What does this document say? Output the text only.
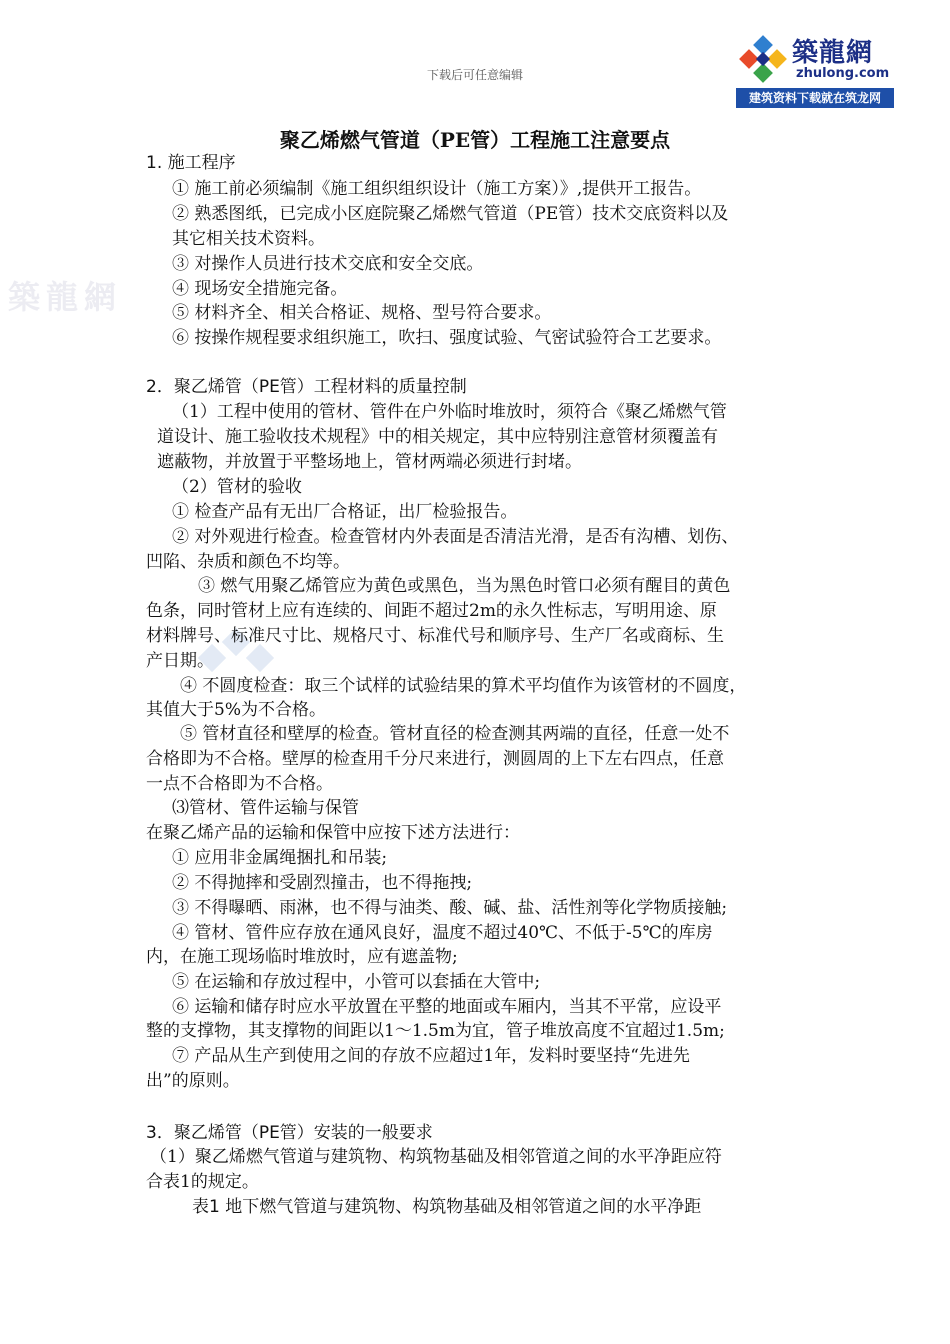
下载后可任意编辑
築龍網
zhulong.com
建筑资料下载就在筑龙网
築龍網
聚乙烯燃气管道（PE管）工程施工注意要点
1. 施工程序
① 施工前必须编制《施工组织组织设计（施工方案）》,提供开工报告。
② 熟悉图纸，已完成小区庭院聚乙烯燃气管道（PE管）技术交底资料以及
其它相关技术资料。
③ 对操作人员进行技术交底和安全交底。
④ 现场安全措施完备。
⑤ 材料齐全、相关合格证、规格、型号符合要求。
⑥ 按操作规程要求组织施工，吹扫、强度试验、气密试验符合工艺要求。
2．聚乙烯管（PE管）工程材料的质量控制
（1）工程中使用的管材、管件在户外临时堆放时，须符合《聚乙烯燃气管
道设计、施工验收技术规程》中的相关规定，其中应特别注意管材须覆盖有
遮蔽物，并放置于平整场地上，管材两端必须进行封堵。
（2）管材的验收
① 检查产品有无出厂合格证，出厂检验报告。
② 对外观进行检查。检查管材内外表面是否清洁光滑，是否有沟槽、划伤、
凹陷、杂质和颜色不均等。
③ 燃气用聚乙烯管应为黄色或黑色，当为黑色时管口必须有醒目的黄色
色条，同时管材上应有连续的、间距不超过2m的永久性标志，写明用途、原
材料牌号、标准尺寸比、规格尺寸、标准代号和顺序号、生产厂名或商标、生
产日期。
④ 不圆度检查：取三个试样的试验结果的算术平均值作为该管材的不圆度，
其值大于5%为不合格。
⑤ 管材直径和壁厚的检查。管材直径的检查测其两端的直径，任意一处不
合格即为不合格。壁厚的检查用千分尺来进行，测圆周的上下左右四点，任意
一点不合格即为不合格。
⑶管材、管件运输与保管
在聚乙烯产品的运输和保管中应按下述方法进行：
① 应用非金属绳捆扎和吊装;
② 不得抛摔和受剧烈撞击，也不得拖拽;
③ 不得曝晒、雨淋，也不得与油类、酸、碱、盐、活性剂等化学物质接触;
④ 管材、管件应存放在通风良好，温度不超过40℃、不低于-5℃的库房
内，在施工现场临时堆放时，应有遮盖物;
⑤ 在运输和存放过程中，小管可以套插在大管中;
⑥ 运输和储存时应水平放置在平整的地面或车厢内，当其不平常，应设平
整的支撑物，其支撑物的间距以1～1.5m为宜，管子堆放高度不宜超过1.5m;
⑦ 产品从生产到使用之间的存放不应超过1年，发料时要坚持“先进先
出”的原则。
3．聚乙烯管（PE管）安装的一般要求
（1）聚乙烯燃气管道与建筑物、构筑物基础及相邻管道之间的水平净距应符
合表1的规定。
表1 地下燃气管道与建筑物、构筑物基础及相邻管道之间的水平净距
